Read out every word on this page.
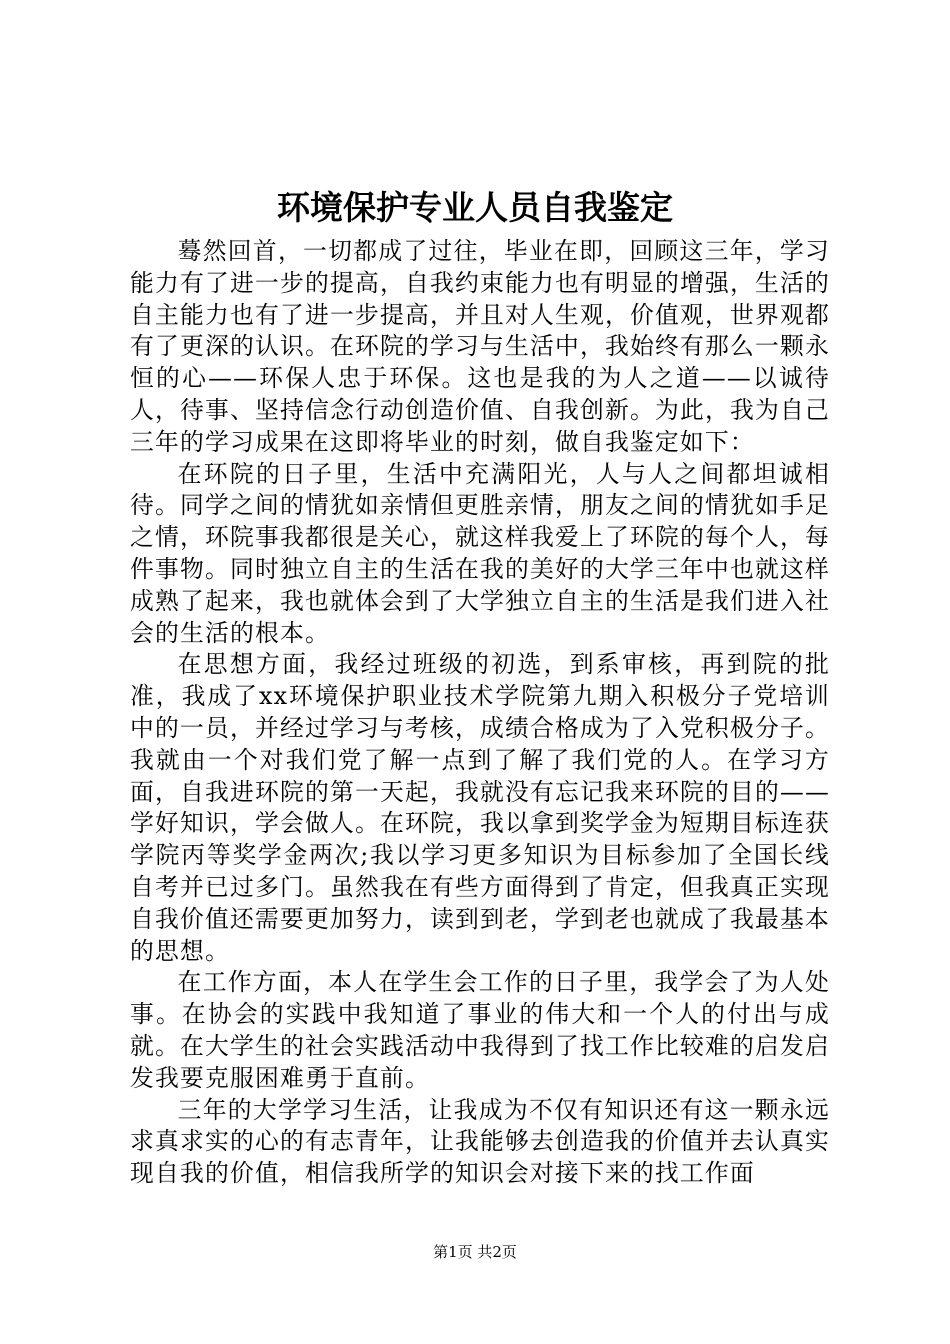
环境保护专业人员自我鉴定

蓦然回首，一切都成了过往，毕业在即，回顾这三年，学习能力有了进一步的提高，自我约束能力也有明显的增强，生活的自主能力也有了进一步提高，并且对人生观，价值观，世界观都有了更深的认识。在环院的学习与生活中，我始终有那么一颗永恒的心——环保人忠于环保。这也是我的为人之道——以诚待人，待事、坚持信念行动创造价值、自我创新。为此，我为自己三年的学习成果在这即将毕业的时刻，做自我鉴定如下：

在环院的日子里，生活中充满阳光，人与人之间都坦诚相待。同学之间的情犹如亲情但更胜亲情，朋友之间的情犹如手足之情，环院事我都很是关心，就这样我爱上了环院的每个人，每件事物。同时独立自主的生活在我的美好的大学三年中也就这样成熟了起来，我也就体会到了大学独立自主的生活是我们进入社会的生活的根本。

在思想方面，我经过班级的初选，到系审核，再到院的批准，我成了xx环境保护职业技术学院第九期入积极分子党培训中的一员，并经过学习与考核，成绩合格成为了入党积极分子。我就由一个对我们党了解一点到了解了我们党的人。在学习方面，自我进环院的第一天起，我就没有忘记我来环院的目的——学好知识，学会做人。在环院，我以拿到奖学金为短期目标连获学院丙等奖学金两次;我以学习更多知识为目标参加了全国长线自考并已过多门。虽然我在有些方面得到了肯定，但我真正实现自我价值还需要更加努力，读到到老，学到老也就成了我最基本的思想。

在工作方面，本人在学生会工作的日子里，我学会了为人处事。在协会的实践中我知道了事业的伟大和一个人的付出与成就。在大学生的社会实践活动中我得到了找工作比较难的启发启发我要克服困难勇于直前。

三年的大学学习生活，让我成为不仅有知识还有这一颗永远求真求实的心的有志青年，让我能够去创造我的价值并去认真实现自我的价值，相信我所学的知识会对接下来的找工作面

第1页 共2页
